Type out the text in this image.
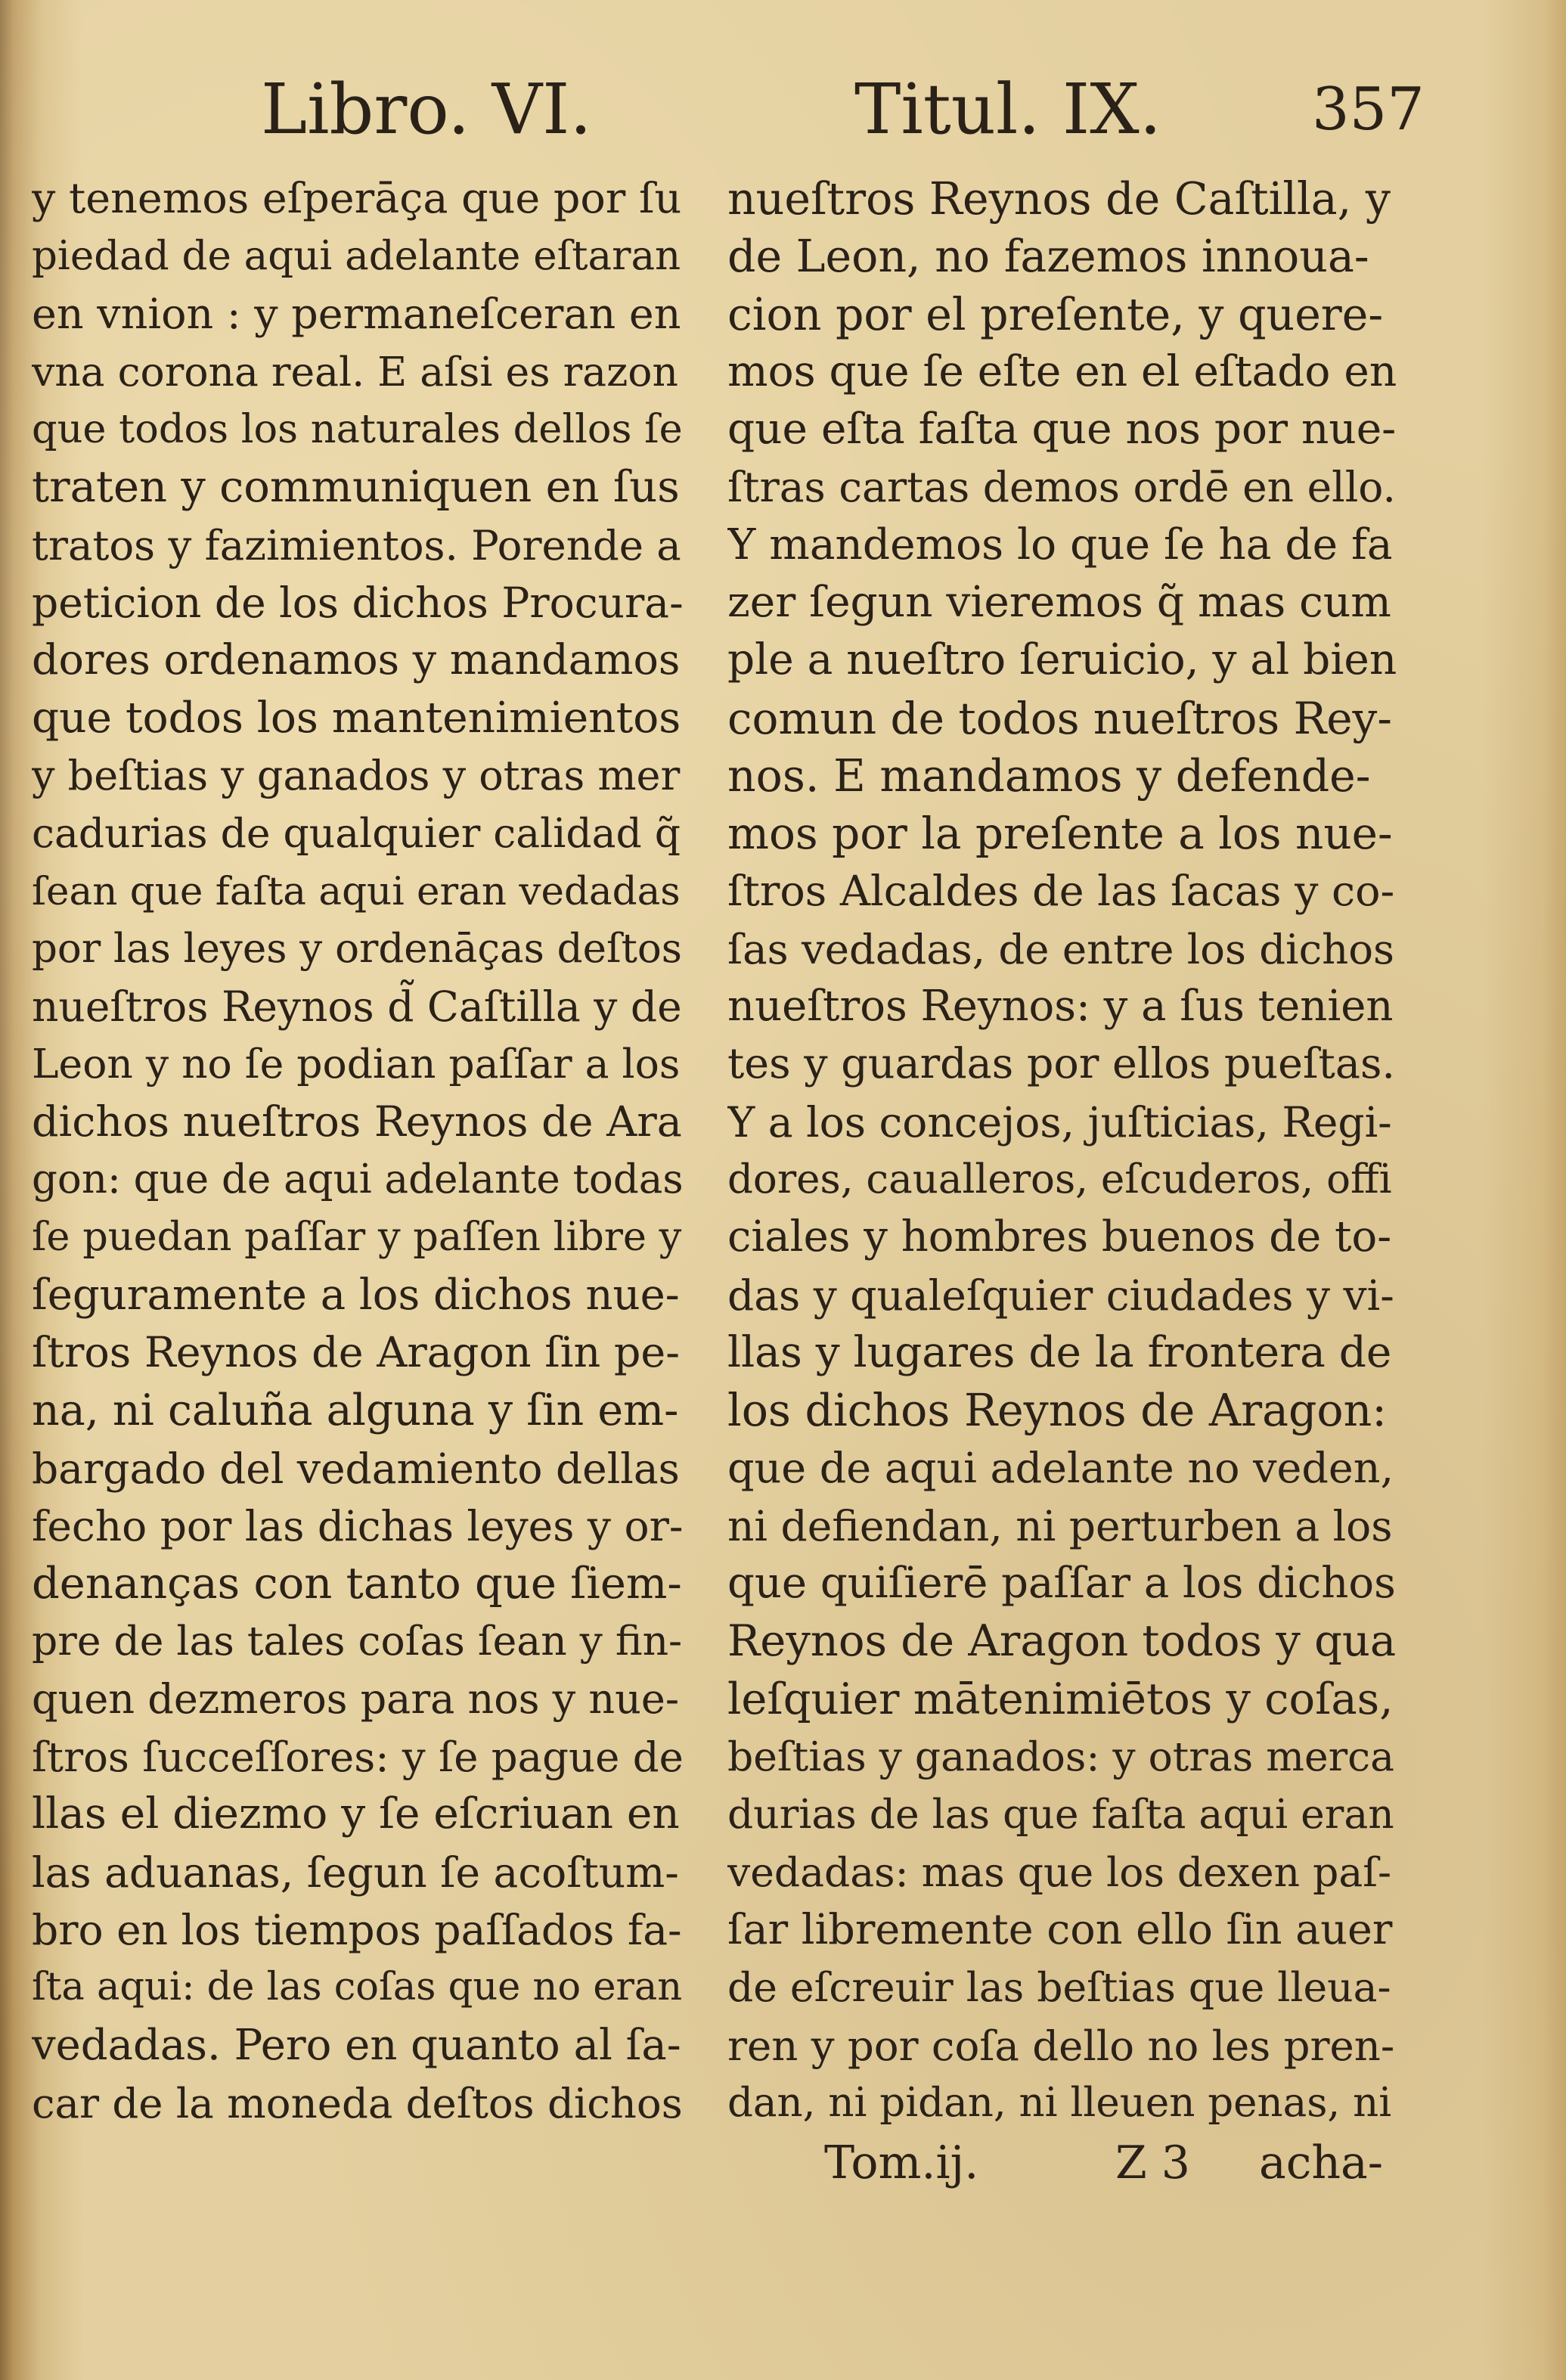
Libro. VI.	Titul. IX.	357
y tenemos eſperāça que por ſu
piedad de aqui adelante eſtaran
en vnion : y permaneſceran en
vna corona real. E aſsi es razon
que todos los naturales dellos ſe
traten y communiquen en ſus
tratos y fazimientos. Porende a
peticion de los dichos Procura-
dores ordenamos y mandamos
que todos los mantenimientos
y beſtias y ganados y otras mer
cadurias de qualquier calidad q̃
ſean que faſta aqui eran vedadas
por las leyes y ordenāças deſtos
nueſtros Reynos d̃ Caſtilla y de
Leon y no ſe podian paſſar a los
dichos nueſtros Reynos de Ara
gon: que de aqui adelante todas
ſe puedan paſſar y paſſen libre y
ſeguramente a los dichos nue-
ſtros Reynos de Aragon ſin pe-
na, ni caluña alguna y ſin em-
bargado del vedamiento dellas
fecho por las dichas leyes y or-
denanças con tanto que ſiem-
pre de las tales coſas ſean y fin-
quen dezmeros para nos y nue-
ſtros ſucceſſores: y ſe pague de
llas el diezmo y ſe eſcriuan en
las aduanas, ſegun ſe acoſtum-
bro en los tiempos paſſados fa-
ſta aqui: de las coſas que no eran
vedadas. Pero en quanto al ſa-
car de la moneda deſtos dichos
nueſtros Reynos de Caſtilla, y
de Leon, no fazemos innoua-
cion por el preſente, y quere-
mos que ſe eſte en el eſtado en
que eſta faſta que nos por nue-
ſtras cartas demos ordē en ello.
Y mandemos lo que ſe ha de fa
zer ſegun vieremos q̃ mas cum
ple a nueſtro ſeruicio, y al bien
comun de todos nueſtros Rey-
nos. E mandamos y defende-
mos por la preſente a los nue-
ſtros Alcaldes de las ſacas y co-
ſas vedadas, de entre los dichos
nueſtros Reynos: y a ſus tenien
tes y guardas por ellos pueſtas.
Y a los concejos, juſticias, Regi-
dores, caualleros, eſcuderos, offi
ciales y hombres buenos de to-
das y qualeſquier ciudades y vi-
llas y lugares de la frontera de
los dichos Reynos de Aragon:
que de aqui adelante no veden,
ni defiendan, ni perturben a los
que quiſierē paſſar a los dichos
Reynos de Aragon todos y qua
leſquier mātenimiētos y coſas,
beſtias y ganados: y otras merca
durias de las que faſta aqui eran
vedadas: mas que los dexen paſ-
ſar libremente con ello ſin auer
de eſcreuir las beſtias que lleua-
ren y por coſa dello no les pren-
dan, ni pidan, ni lleuen penas, ni
Tom.ij.	Z 3 acha-
